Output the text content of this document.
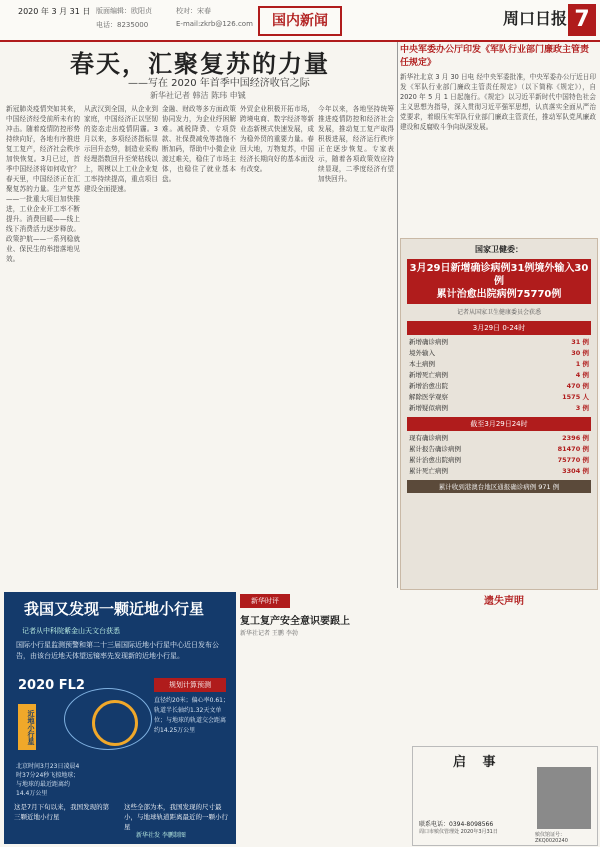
2020 年 3 月 31 日 版面编辑：欧阳贞	校对：宋春
电话：8235000	E-mail:zkrb@126.com	国内新闻	周口日报 7
春天，汇聚复苏的力量
——写在 2020 年首季中国经济收官之际
新华社记者 韩洁 陈玮 申铖
新冠肺炎疫情突如其来，中国经济经受前所未有的冲击。随着疫情防控形势持续向好，各地有序推进复工复产，经济社会秩序加快恢复。3月已过，首季中国经济将如何收官？春天里，中国经济正在汇聚复苏的力量。生产复苏——一批重大项目加快推进，工业企业开工率不断提升。消费回暖——线上线下消费活力逐步释放。政策护航——一系列稳就业、保民生的举措落地见效。
从武汉到全国，从企业到家庭，中国经济正以坚韧的姿态走出疫情阴霾。3月以来，多项经济指标显示回升态势，制造业采购经理指数回升至荣枯线以上，规模以上工业企业复工率持续提高，重点项目建设全面提速。
金融、财政等多方面政策协同发力，为企业纾困解难。减税降费、专项贷款、社保费减免等措施不断加码，帮助中小微企业渡过难关，稳住了市场主体，也稳住了就业基本盘。
外贸企业积极开拓市场，跨境电商、数字经济等新业态新模式快速发展，成为稳外贸的重要力量。春回大地，万物复苏，中国经济长期向好的基本面没有改变。
今年以来，各地坚持统筹推进疫情防控和经济社会发展，推动复工复产取得积极进展，经济运行秩序正在逐步恢复。专家表示，随着各项政策效应持续显现，二季度经济有望加快回升。
中央军委办公厅印发《军队行业部门廉政主管责任规定》
新华社北京 3 月 30 日电 经中央军委批准，中央军委办公厅近日印发《军队行业部门廉政主管责任规定》（以下简称《规定》），自 2020 年 5 月 1 日起施行。《规定》以习近平新时代中国特色社会主义思想为指导，深入贯彻习近平强军思想，认真落实全面从严治党要求，着眼压实军队行业部门廉政主管责任，推动军队党风廉政建设和反腐败斗争向纵深发展。
国家卫健委：
3月29日新增确诊病例31例境外输入30例
累计治愈出院病例75770例
记者从国家卫生健康委员会获悉
3月29日 0-24时
新增确诊病例	31 例
境外输入	30 例
本土病例	1 例
新增死亡病例	4 例
新增治愈出院	470 例
解除医学观察	1575 人
新增疑似病例	3 例
截至3月29日24时
现有确诊病例	2396 例
累计报告确诊病例	81470 例
累计治愈出院病例	75770 例
累计死亡病例	3304 例
累计收到港澳台地区通报确诊病例 971 例
我国又发现一颗近地小行星
记者从中科院紫金山天文台获悉
国际小行星监测预警和第二十三届国际近地小行星中心近日发布公告，由该台近地天体望远镜率先发现新的近地小行星。
2020 FL2
近地小行星
规划计算预测
直径约20米；偏心率0.61；轨道半长轴约1.32天文单位；与地球的轨道交会距离约14.25万公里
北京时间3月23日凌晨4时37分24秒飞掠地球；与地球的最近距离约14.4万公里
这是7月下旬以来，我国发现的第三颗近地小行星
这些全部为本，我国发现的尺寸最小，与地球轨道距离最近的一颗小行星
新华社发 李鹏制图
新华时评
复工复产安全意识要跟上
新华社记者 王鹏 李勃
遗失声明
启 事
殡仪馆证号：ZKQ0020240
联系电话：0394-8098566
周口市殡仪管理处 2020年3月31日
